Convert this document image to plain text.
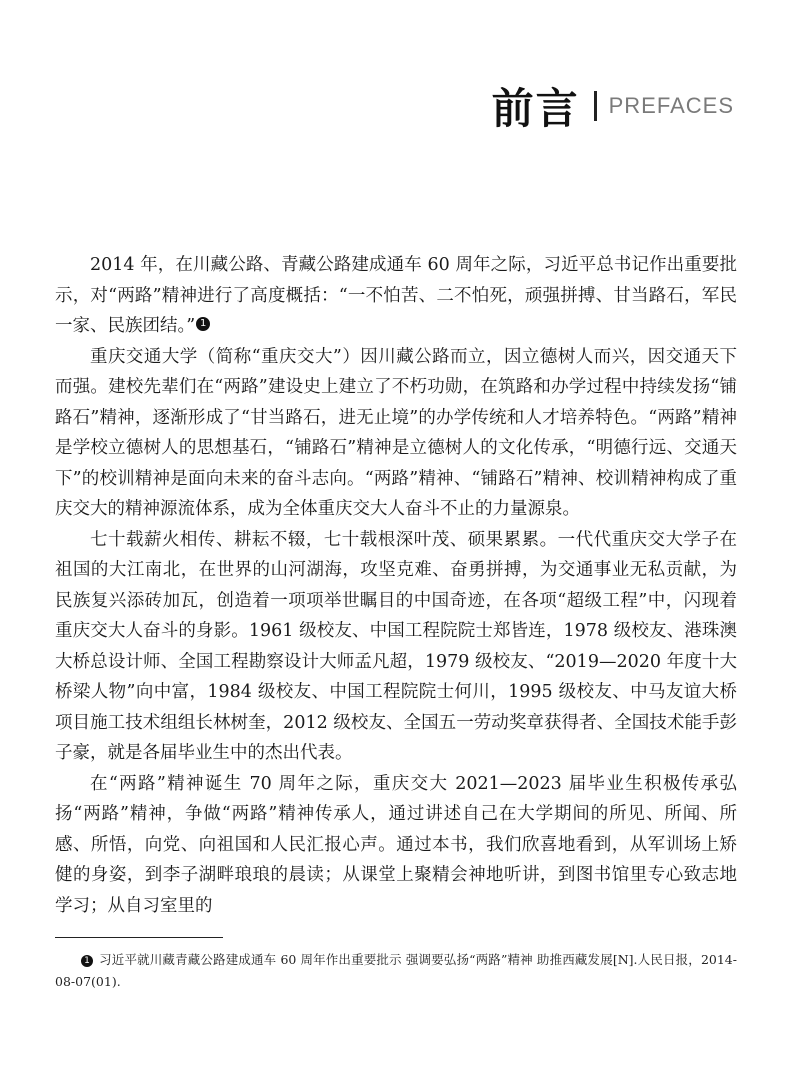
前言 PREFACES

2014 年，在川藏公路、青藏公路建成通车 60 周年之际，习近平总书记作出重要批示，对“两路”精神进行了高度概括：“一不怕苦、二不怕死，顽强拼搏、甘当路石，军民一家、民族团结。” 1

重庆交通大学（简称“重庆交大”）因川藏公路而立，因立德树人而兴，因交通天下而强。建校先辈们在“两路”建设史上建立了不朽功勋，在筑路和办学过程中持续发扬“铺路石”精神，逐渐形成了“甘当路石，进无止境”的办学传统和人才培养特色。“两路”精神是学校立德树人的思想基石，“铺路石”精神是立德树人的文化传承，“明德行远、交通天下”的校训精神是面向未来的奋斗志向。“两路”精神、“铺路石”精神、校训精神构成了重庆交大的精神源流体系，成为全体重庆交大人奋斗不止的力量源泉。

七十载薪火相传、耕耘不辍，七十载根深叶茂、硕果累累。一代代重庆交大学子在祖国的大江南北，在世界的山河湖海，攻坚克难、奋勇拼搏，为交通事业无私贡献，为民族复兴添砖加瓦，创造着一项项举世瞩目的中国奇迹，在各项“超级工程”中，闪现着重庆交大人奋斗的身影。1961 级校友、中国工程院院士郑皆连，1978 级校友、港珠澳大桥总设计师、全国工程勘察设计大师孟凡超，1979 级校友、“2019—2020 年度十大桥梁人物”向中富，1984 级校友、中国工程院院士何川，1995 级校友、中马友谊大桥项目施工技术组组长林树奎，2012 级校友、全国五一劳动奖章获得者、全国技术能手彭子豪，就是各届毕业生中的杰出代表。

在“两路”精神诞生 70 周年之际，重庆交大 2021—2023 届毕业生积极传承弘扬“两路”精神，争做“两路”精神传承人，通过讲述自己在大学期间的所见、所闻、所感、所悟，向党、向祖国和人民汇报心声。通过本书，我们欣喜地看到，从军训场上矫健的身姿，到李子湖畔琅琅的晨读；从课堂上聚精会神地听讲，到图书馆里专心致志地学习；从自习室里的

1 习近平就川藏青藏公路建成通车 60 周年作出重要批示 强调要弘扬“两路”精神 助推西藏发展[N].人民日报，2014-08-07(01).
